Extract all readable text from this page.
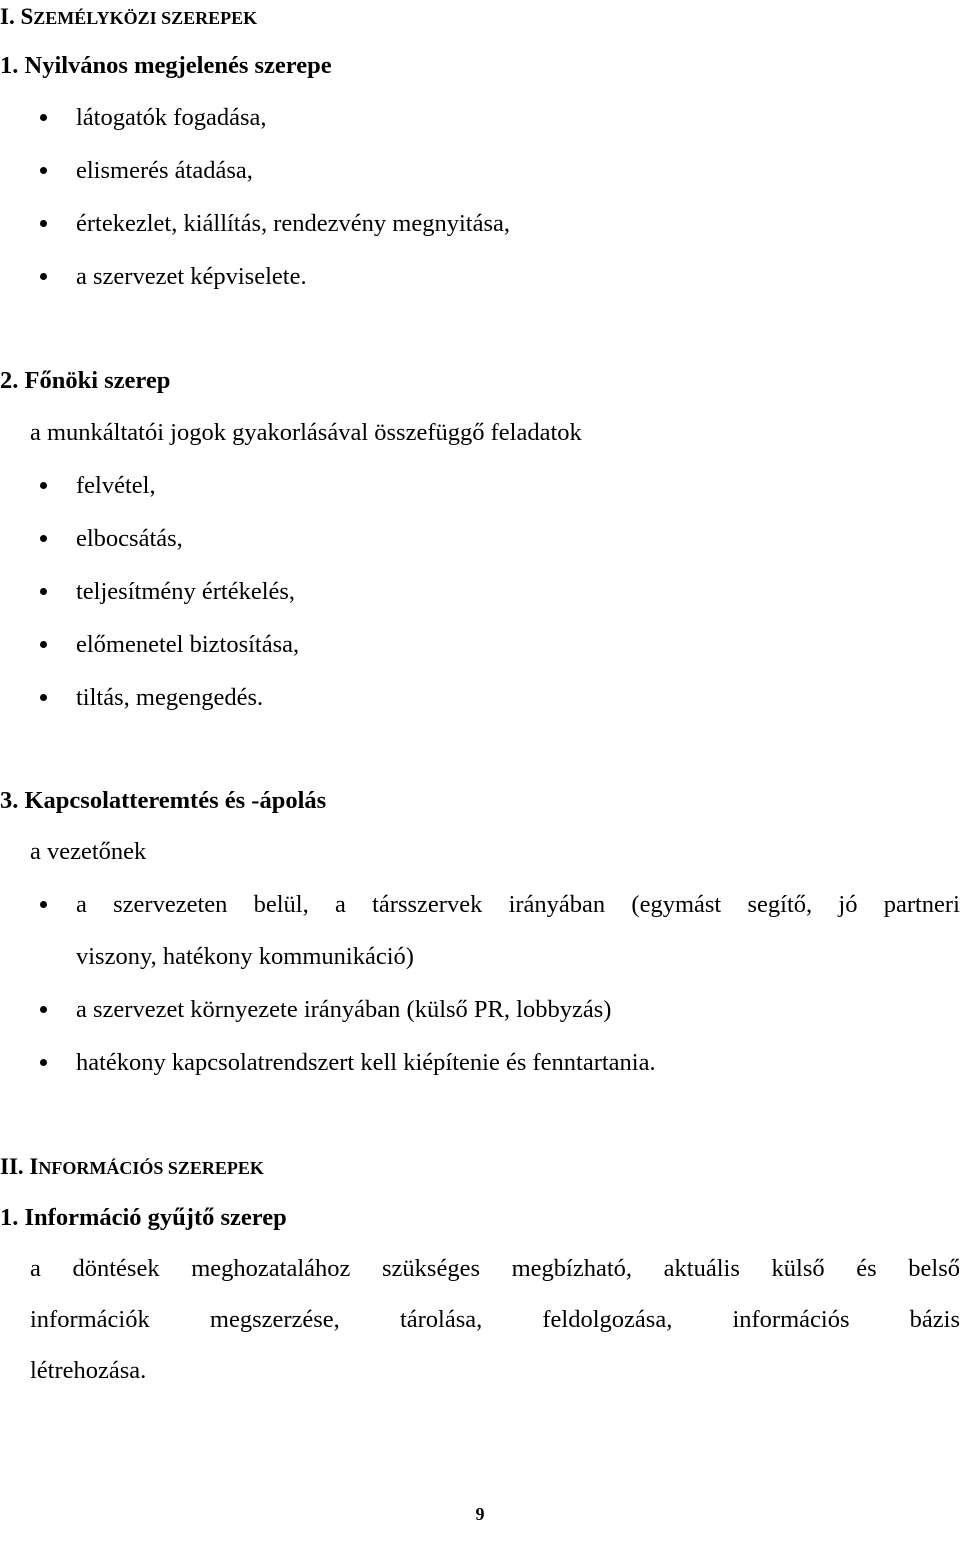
I. SZEMÉLYKÖZI SZEREPEK
1. Nyilvános megjelenés szerepe
látogatók fogadása,
elismerés átadása,
értekezlet, kiállítás, rendezvény megnyitása,
a szervezet képviselete.
2. Főnöki szerep
a munkáltatói jogok gyakorlásával összefüggő feladatok
felvétel,
elbocsátás,
teljesítmény értékelés,
előmenetel biztosítása,
tiltás, megengedés.
3. Kapcsolatteremtés és -ápolás
a vezetőnek
a szervezeten belül, a társszervek irányában (egymást segítő, jó partneri
viszony, hatékony kommunikáció)
a szervezet környezete irányában (külső PR, lobbyzás)
hatékony kapcsolatrendszert kell kiépítenie és fenntartania.
II. INFORMÁCIÓS SZEREPEK
1. Információ gyűjtő szerep
a döntések meghozatalához szükséges megbízható, aktuális külső és belső
információk megszerzése, tárolása, feldolgozása, információs bázis
létrehozása.
9
